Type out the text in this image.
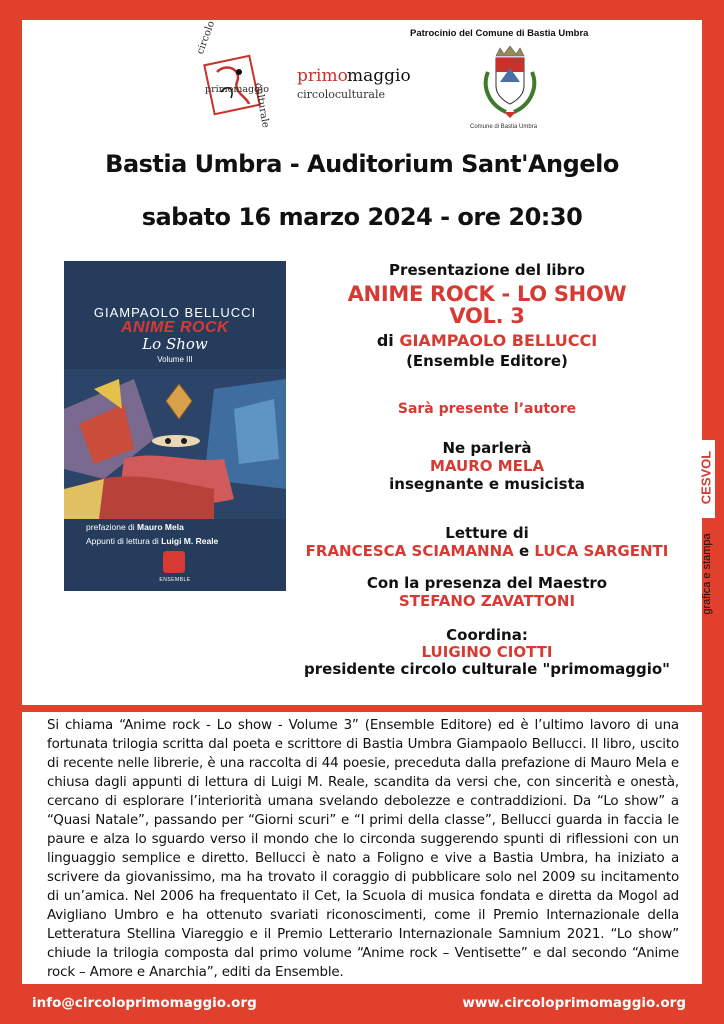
circolo
primomaggio
culturale
primo maggio
circoloculturale
Patrocinio del Comune di Bastia Umbra
Comune di Bastia Umbra
Bastia Umbra - Auditorium Sant'Angelo
sabato 16 marzo 2024 - ore 20:30
GIAMPAOLO BELLUCCI
ANIME ROCK
Lo Show
Volume III
prefazione di Mauro Mela
Appunti di lettura di Luigi M. Reale
ENSEMBLE
Presentazione del libro
ANIME ROCK - LO SHOW
VOL. 3
di GIAMPAOLO BELLUCCI
(Ensemble Editore)
Sarà presente l’autore
Ne parlerà
MAURO MELA
insegnante e musicista
Letture di
FRANCESCA SCIAMANNA e LUCA SARGENTI
Con la presenza del Maestro
STEFANO ZAVATTONI
Coordina:
LUIGINO CIOTTI
presidente circolo culturale "primomaggio"
CESVOL
grafica e stampa
Si chiama “Anime rock - Lo show - Volume 3” (Ensemble Editore) ed è l’ultimo lavoro di una fortunata trilogia scritta dal poeta e scrittore di Bastia Umbra Giampaolo Bellucci. Il libro, uscito di recente nelle librerie, è una raccolta di 44 poesie, preceduta dalla prefazione di Mauro Mela e chiusa dagli appunti di lettura di Luigi M. Reale, scandita da versi che, con sincerità e onestà, cercano di esplorare l’interiorità umana svelando debolezze e contraddizioni. Da “Lo show” a “Quasi Natale”, passando per “Giorni scuri” e “I primi della classe”, Bellucci guarda in faccia le paure e alza lo sguardo verso il mondo che lo circonda suggerendo spunti di riflessioni con un linguaggio semplice e diretto. Bellucci è nato a Foligno e vive a Bastia Umbra, ha iniziato a scrivere da giovanissimo, ma ha trovato il coraggio di pubblicare solo nel 2009 su incitamento di un’amica. Nel 2006 ha frequentato il Cet, la Scuola di musica fondata e diretta da Mogol ad Avigliano Umbro e ha ottenuto svariati riconoscimenti, come il Premio Internazionale della Letteratura Stellina Viareggio e il Premio Letterario Internazionale Samnium 2021. “Lo show” chiude la trilogia composta dal primo volume “Anime rock – Ventisette” e dal secondo “Anime rock – Amore e Anarchia”, editi da Ensemble.
info@circoloprimomaggio.org	www.circoloprimomaggio.org
